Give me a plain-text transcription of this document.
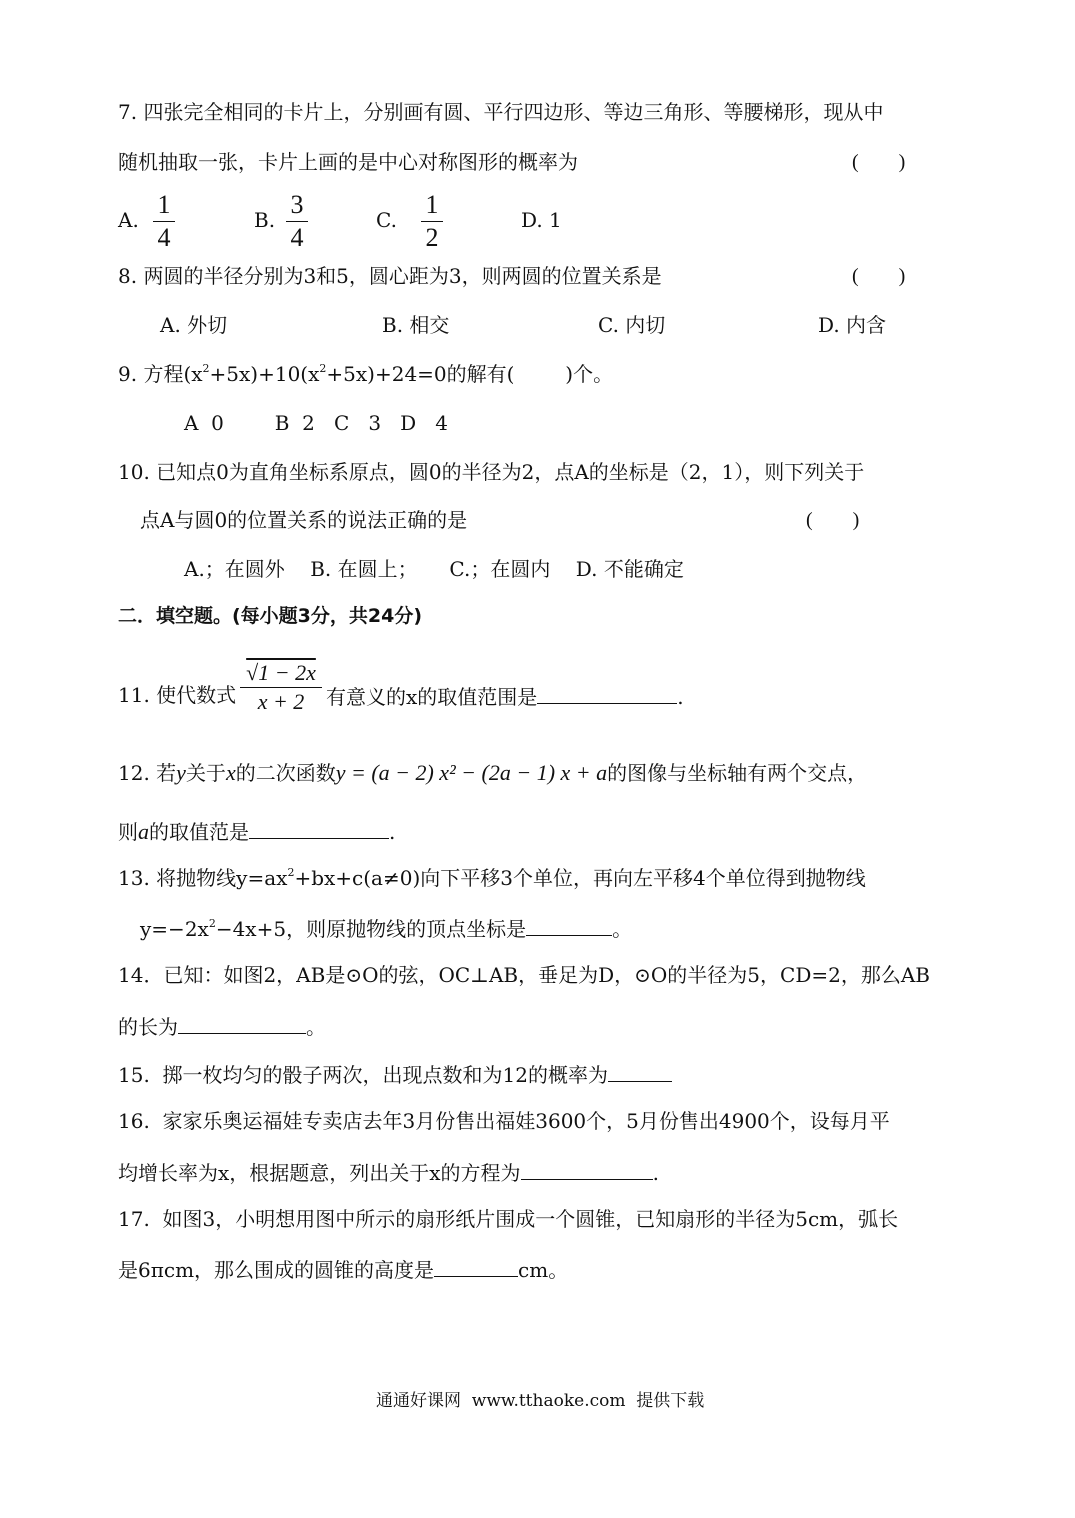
7. 四张完全相同的卡片上，分别画有圆、平行四边形、等边三角形、等腰梯形，现从中
随机抽取一张，卡片上画的是中心对称图形的概率为	(        )
A.
1
4
B.
3
4
C.
1
2
D. 1
8. 两圆的半径分别为3和5，圆心距为3，则两圆的位置关系是	(        )
A. 外切	B. 相交	C. 内切	D. 内含
9. 方程$(x^2+5x)+10(x^2+5x)+24=0$的解有(        )个。
A  0        B  2   C   3   D   4
10. 已知点0为直角坐标系原点，圆0的半径为2，点A的坐标是（2，1），则下列关于
点A与圆0的位置关系的说法正确的是	(        )
A.；在圆外    B. 在圆上；     C.；在圆内    D. 不能确定
二．填空题。(每小题3分，共24分)
11. 使代数式
√1 − 2x
x + 2	有意义的x的取值范围是	.
12. 若y关于x的二次函数y = (a − 2) x² − (2a − 1) x + a的图像与坐标轴有两个交点，
则a的取值范是	.
13. 将抛物线$y=ax^2+bx+c(a\ne 0)$向下平移3个单位，再向左平移4个单位得到抛物线
$y=-2x^2-4x+5$，则原抛物线的顶点坐标是	。
14．已知：如图2，AB是⊙O的弦，OC⊥AB，垂足为D，⊙O的半径为5，CD=2，那么AB
的长为	。
15.  掷一枚均匀的骰子两次，出现点数和为12的概率为
16.  家家乐奥运福娃专卖店去年3月份售出福娃3600个，5月份售出4900个，设每月平
均增长率为x，根据题意，列出关于x的方程为	.
17.  如图3，小明想用图中所示的扇形纸片围成一个圆锥，已知扇形的半径为5cm，弧长
是6πcm，那么围成的圆锥的高度是	cm。
通通好课网  www.tthaoke.com  提供下载
